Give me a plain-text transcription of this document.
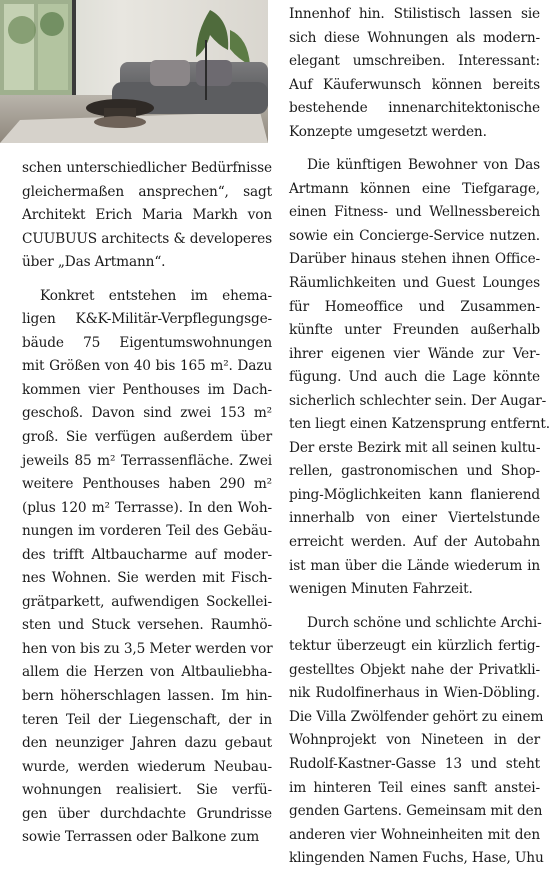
schen unterschiedlicher Bedürfnisse
gleichermaßen ansprechen“, sagt
Architekt Erich Maria Markh von
CUUBUUS architects & developeres
über „Das Artmann“.

Konkret entstehen im ehema-
ligen K&K-Militär-Verpflegungsge-
bäude 75 Eigentumswohnungen
mit Größen von 40 bis 165 m². Dazu
kommen vier Penthouses im Dach-
geschoß. Davon sind zwei 153 m²
groß. Sie verfügen außerdem über
jeweils 85 m² Terrassenfläche. Zwei
weitere Penthouses haben 290 m²
(plus 120 m² Terrasse). In den Woh-
nungen im vorderen Teil des Gebäu-
des trifft Altbaucharme auf moder-
nes Wohnen. Sie werden mit Fisch-
grätparkett, aufwendigen Sockellei-
sten und Stuck versehen. Raumhö-
hen von bis zu 3,5 Meter werden vor
allem die Herzen von Altbauliebha-
bern höherschlagen lassen. Im hin-
teren Teil der Liegenschaft, der in
den neunziger Jahren dazu gebaut
wurde, werden wiederum Neubau-
wohnungen realisiert. Sie verfü-
gen über durchdachte Grundrisse
sowie Terrassen oder Balkone zum

Innenhof hin. Stilistisch lassen sie
sich diese Wohnungen als modern-
elegant umschreiben. Interessant:
Auf Käuferwunsch können bereits
bestehende innenarchitektonische
Konzepte umgesetzt werden.

Die künftigen Bewohner von Das
Artmann können eine Tiefgarage,
einen Fitness- und Wellnessbereich
sowie ein Concierge-Service nutzen.
Darüber hinaus stehen ihnen Office-
Räumlichkeiten und Guest Lounges
für Homeoffice und Zusammen-
künfte unter Freunden außerhalb
ihrer eigenen vier Wände zur Ver-
fügung. Und auch die Lage könnte
sicherlich schlechter sein. Der Augar-
ten liegt einen Katzensprung entfernt.
Der erste Bezirk mit all seinen kultu-
rellen, gastronomischen und Shop-
ping-Möglichkeiten kann flanierend
innerhalb von einer Viertelstunde
erreicht werden. Auf der Autobahn
ist man über die Lände wiederum in
wenigen Minuten Fahrzeit.

Durch schöne und schlichte Archi-
tektur überzeugt ein kürzlich fertig-
gestelltes Objekt nahe der Privatkli-
nik Rudolfinerhaus in Wien-Döbling.
Die Villa Zwölfender gehört zu einem
Wohnprojekt von Nineteen in der
Rudolf-Kastner-Gasse 13 und steht
im hinteren Teil eines sanft anstei-
genden Gartens. Gemeinsam mit den
anderen vier Wohneinheiten mit den
klingenden Namen Fuchs, Hase, Uhu
